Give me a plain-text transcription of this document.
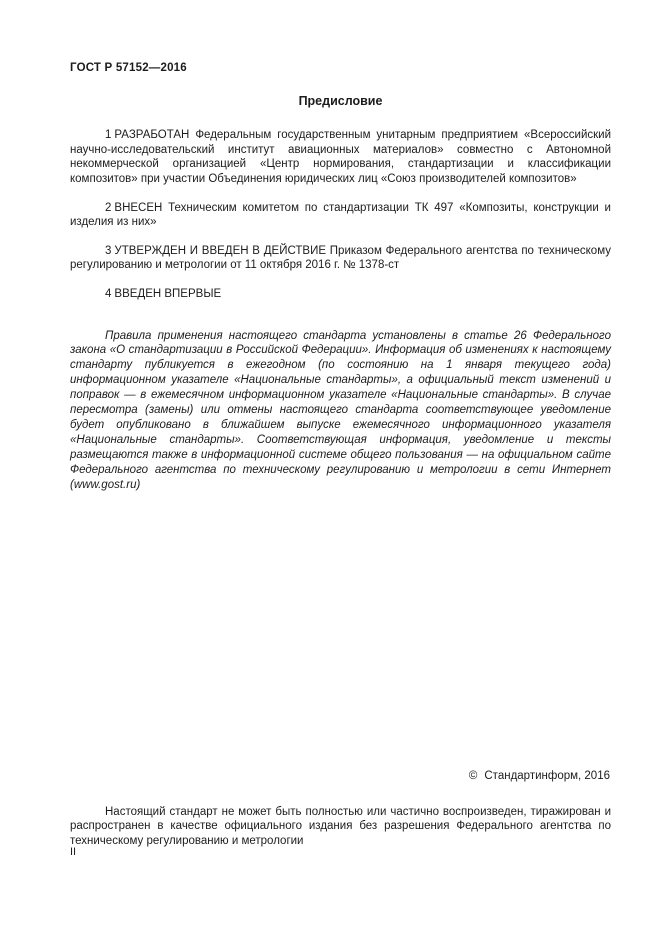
ГОСТ Р 57152—2016
Предисловие

1 РАЗРАБОТАН Федеральным государственным унитарным предприятием «Всероссийский научно-исследовательский институт авиационных материалов» совместно с Автономной некоммерческой организацией «Центр нормирования, стандартизации и классификации композитов» при участии Объединения юридических лиц «Союз производителей композитов»

2 ВНЕСЕН Техническим комитетом по стандартизации ТК 497 «Композиты, конструкции и изделия из них»

3 УТВЕРЖДЕН И ВВЕДЕН В ДЕЙСТВИЕ Приказом Федерального агентства по техническому регулированию и метрологии от 11 октября 2016 г. № 1378-ст

4 ВВЕДЕН ВПЕРВЫЕ

Правила применения настоящего стандарта установлены в статье 26 Федерального закона «О стандартизации в Российской Федерации». Информация об изменениях к настоящему стандарту публикуется в ежегодном (по состоянию на 1 января текущего года) информационном указателе «Национальные стандарты», а официальный текст изменений и поправок — в ежемесячном информационном указателе «Национальные стандарты». В случае пересмотра (замены) или отмены настоящего стандарта соответствующее уведомление будет опубликовано в ближайшем выпуске ежемесячного информационного указателя «Национальные стандарты». Соответствующая информация, уведомление и тексты размещаются также в информационной системе общего пользования — на официальном сайте Федерального агентства по техническому регулированию и метрологии в сети Интернет (www.gost.ru)

© Стандартинформ, 2016

Настоящий стандарт не может быть полностью или частично воспроизведен, тиражирован и распространен в качестве официального издания без разрешения Федерального агентства по техническому регулированию и метрологии

II
